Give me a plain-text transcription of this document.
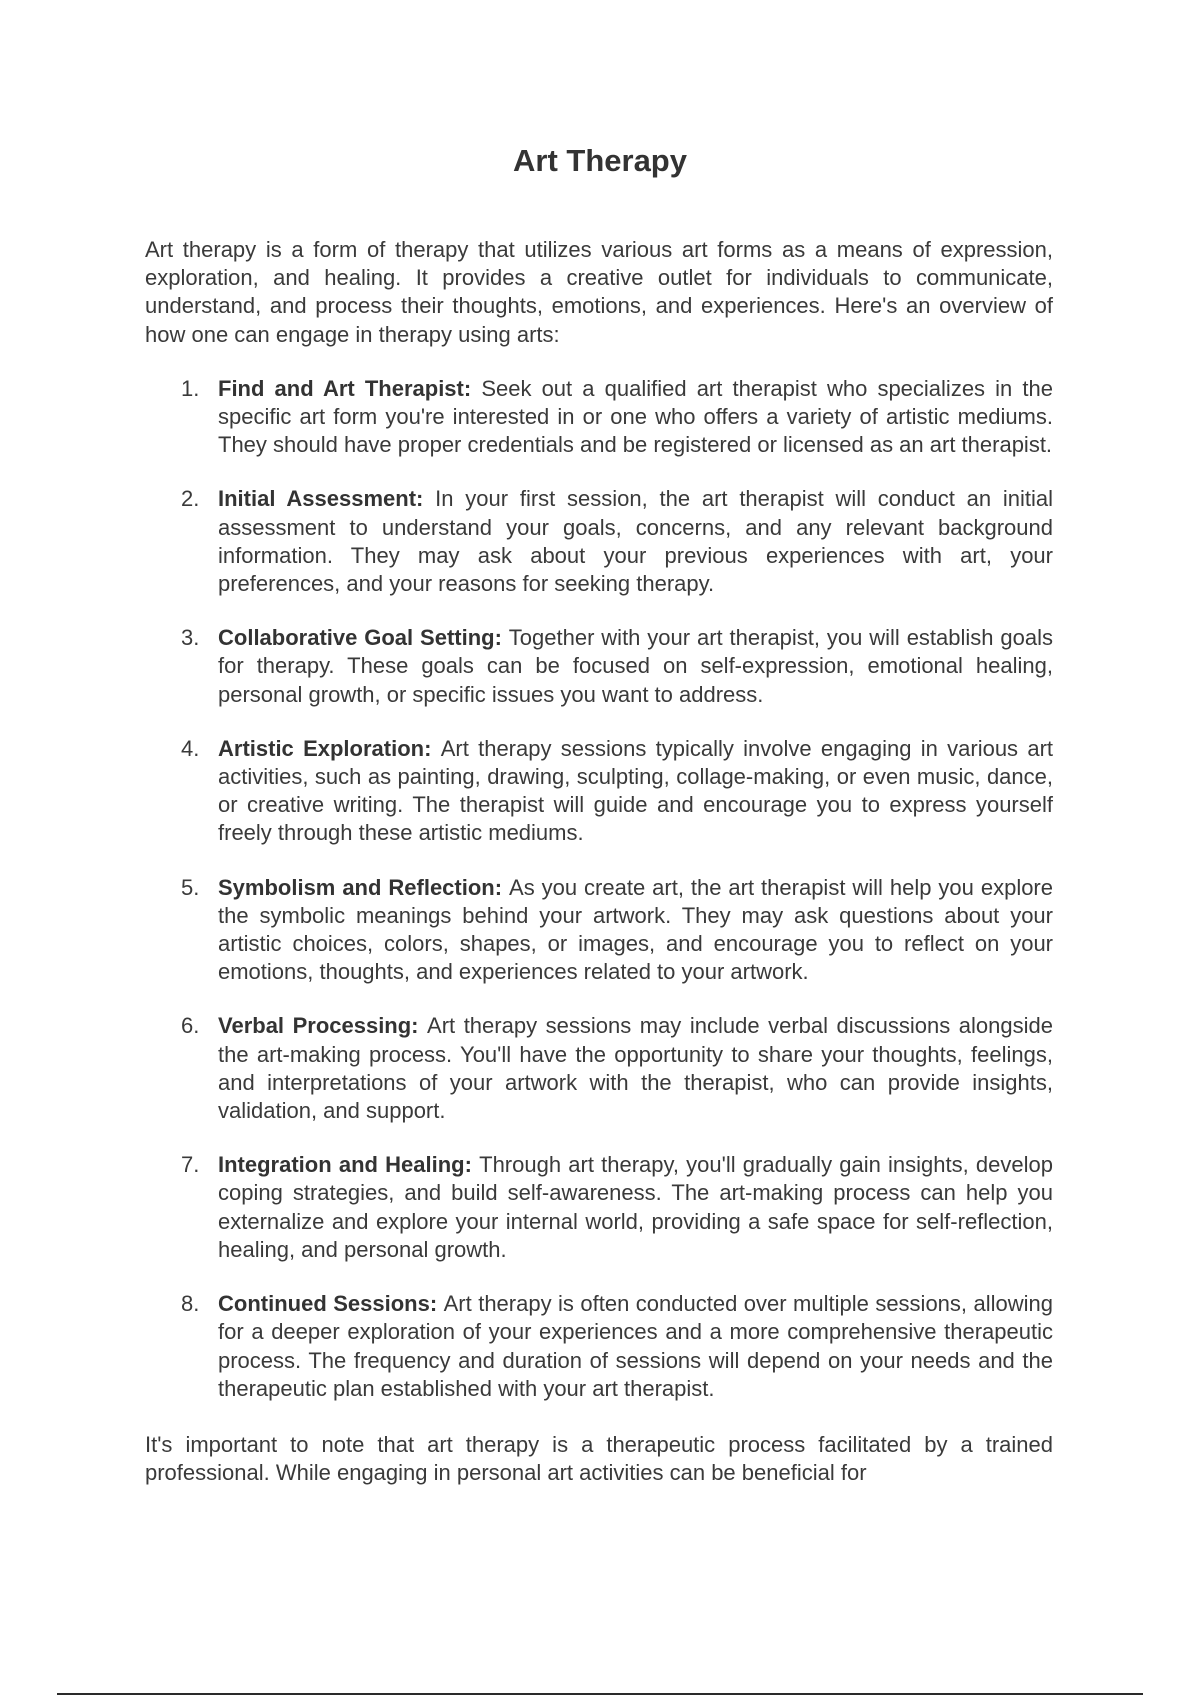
Art Therapy

Art therapy is a form of therapy that utilizes various art forms as a means of expression, exploration, and healing. It provides a creative outlet for individuals to communicate, understand, and process their thoughts, emotions, and experiences. Here's an overview of how one can engage in therapy using arts:

1. Find and Art Therapist: Seek out a qualified art therapist who specializes in the specific art form you're interested in or one who offers a variety of artistic mediums. They should have proper credentials and be registered or licensed as an art therapist.
2. Initial Assessment: In your first session, the art therapist will conduct an initial assessment to understand your goals, concerns, and any relevant background information. They may ask about your previous experiences with art, your preferences, and your reasons for seeking therapy.
3. Collaborative Goal Setting: Together with your art therapist, you will establish goals for therapy. These goals can be focused on self-expression, emotional healing, personal growth, or specific issues you want to address.
4. Artistic Exploration: Art therapy sessions typically involve engaging in various art activities, such as painting, drawing, sculpting, collage-making, or even music, dance, or creative writing. The therapist will guide and encourage you to express yourself freely through these artistic mediums.
5. Symbolism and Reflection: As you create art, the art therapist will help you explore the symbolic meanings behind your artwork. They may ask questions about your artistic choices, colors, shapes, or images, and encourage you to reflect on your emotions, thoughts, and experiences related to your artwork.
6. Verbal Processing: Art therapy sessions may include verbal discussions alongside the art-making process. You'll have the opportunity to share your thoughts, feelings, and interpretations of your artwork with the therapist, who can provide insights, validation, and support.
7. Integration and Healing: Through art therapy, you'll gradually gain insights, develop coping strategies, and build self-awareness. The art-making process can help you externalize and explore your internal world, providing a safe space for self-reflection, healing, and personal growth.
8. Continued Sessions: Art therapy is often conducted over multiple sessions, allowing for a deeper exploration of your experiences and a more comprehensive therapeutic process. The frequency and duration of sessions will depend on your needs and the therapeutic plan established with your art therapist.

It's important to note that art therapy is a therapeutic process facilitated by a trained professional. While engaging in personal art activities can be beneficial for
